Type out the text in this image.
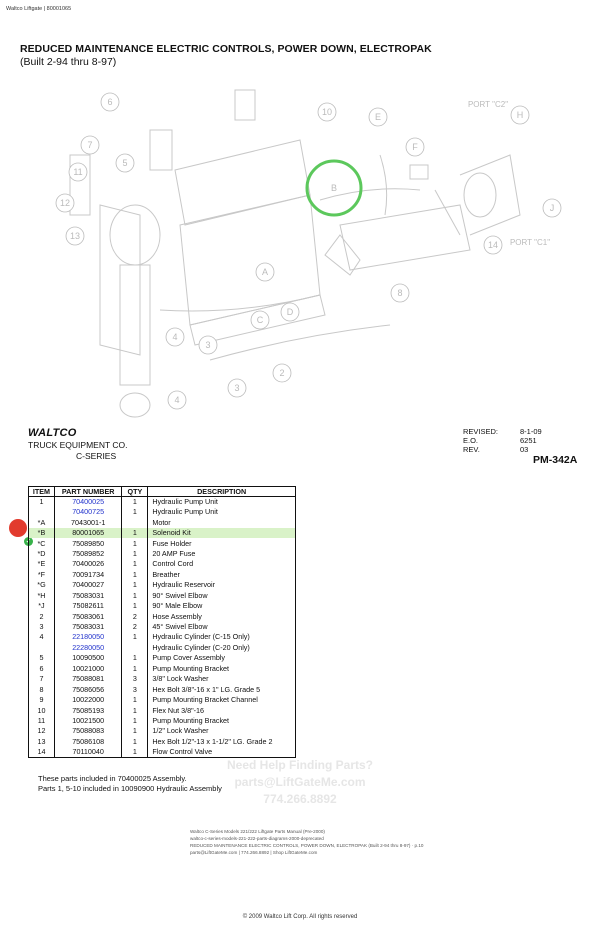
Waltco Liftgate | 80001065
REDUCED MAINTENANCE ELECTRIC CONTROLS, POWER DOWN, ELECTROPAK
(Built 2-94 thru 8-97)
6
7
5
11
12
13
10
B
E
F
H
J
14
A
4
3
8
C
D
2
3
4
PORT "C2"
PORT "C1"
WALTCO
TRUCK EQUIPMENT CO.
C-SERIES
REVISED:	8-1-09
E.O.	6251
REV.	03
PM-342A
✓
ITEM	PART NUMBER	QTY	DESCRIPTION
1	70400025	1	Hydraulic Pump Unit
	70400725	1	Hydraulic Pump Unit
*A	7043001-1		Motor
*B	80001065	1	Solenoid Kit
*C	75089850	1	Fuse Holder
*D	75089852	1	20 AMP Fuse
*E	70400026	1	Control Cord
*F	70091734	1	Breather
*G	70400027	1	Hydraulic Reservoir
*H	75083031	1	90° Swivel Elbow
*J	75082611	1	90° Male Elbow
2	75083061	2	Hose Assembly
3	75083031	2	45° Swivel Elbow
4	22180050	1	Hydraulic Cylinder (C-15 Only)
	22280050		Hydraulic Cylinder (C-20 Only)
5	10090500	1	Pump Cover Assembly
6	10021000	1	Pump Mounting Bracket
7	75088081	3	3/8" Lock Washer
8	75086056	3	Hex Bolt 3/8"-16 x 1" LG. Grade 5
9	10022000	1	Pump Mounting Bracket Channel
10	75085193	1	Flex Nut 3/8"-16
11	10021500	1	Pump Mounting Bracket
12	75088083	1	1/2" Lock Washer
13	75086108	1	Hex Bolt 1/2"-13 x 1-1/2" LG. Grade 2
14	70110040	1	Flow Control Valve
These parts included in 70400025 Assembly.
Parts 1, 5-10 included in 10090900 Hydraulic Assembly
Need Help Finding Parts?
parts@LiftGateMe.com
774.266.8892
Waltco C-Series Models 221/222 Liftgate Parts Manual (Pre-2000)
waltco-c-series-models-221-222-parts-diagrams-2000-deprecated
REDUCED MAINTENANCE ELECTRIC CONTROLS, POWER DOWN, ELECTROPAK (Built 2-94 thru 8-97) · p.10
parts@LiftGateMe.com | 774.266.8892 | Shop LiftGateMe.com
© 2009 Waltco Lift Corp. All rights reserved
